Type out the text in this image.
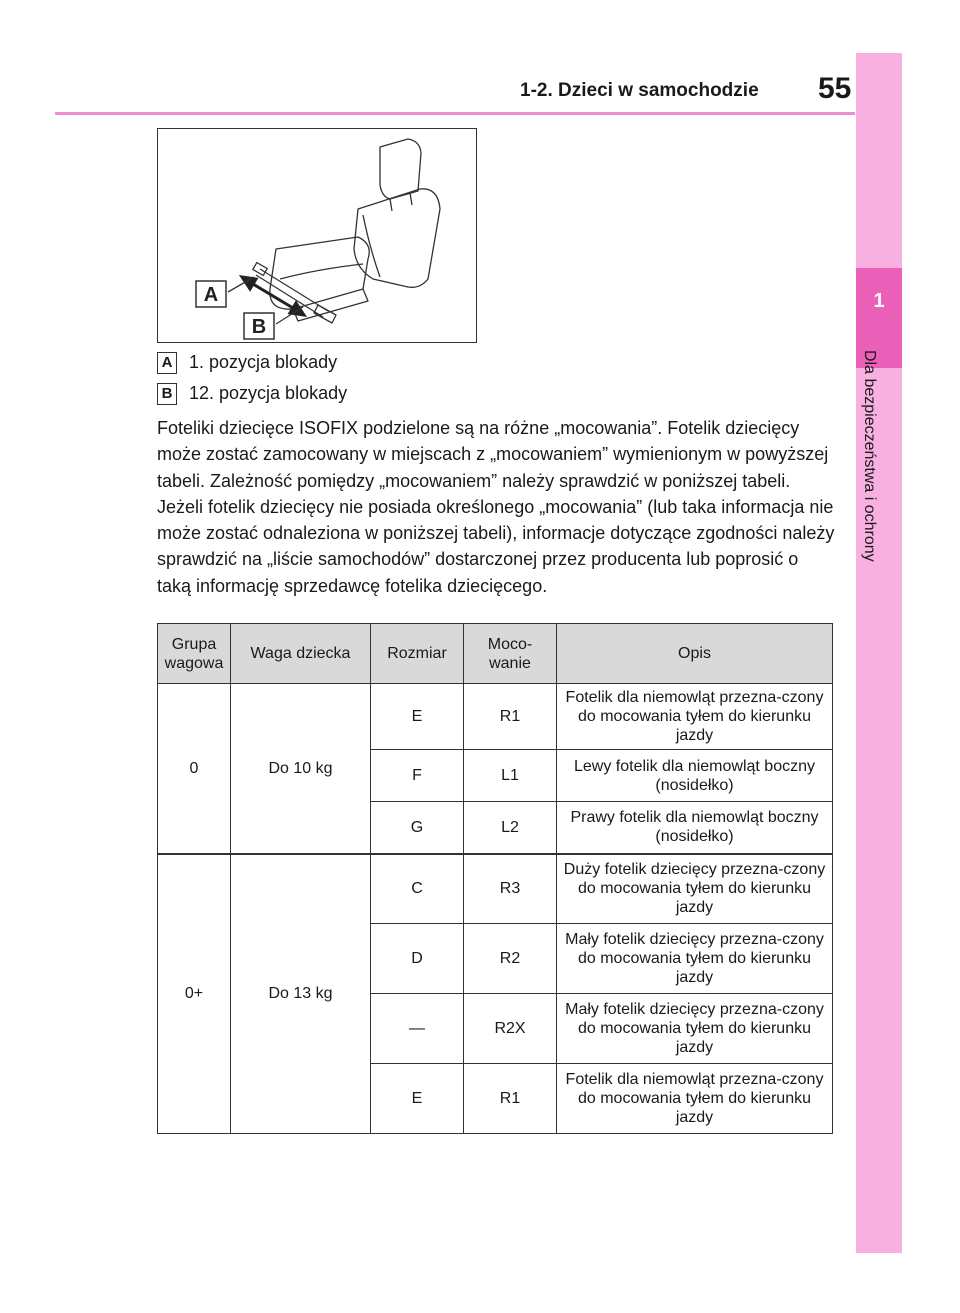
1
Dla bezpieczeństwa i ochrony
1-2. Dzieci w samochodzie 55
A
B
A 1. pozycja blokady
B 12. pozycja blokady

Foteliki dziecięce ISOFIX podzielone są na różne „mocowania”. Fotelik dziecięcy może zostać zamocowany w miejscach z „mocowaniem” wymienionym w powyższej tabeli. Zależność pomiędzy „mocowaniem” należy sprawdzić w poniższej tabeli. Jeżeli fotelik dziecięcy nie posiada określonego „mocowania” (lub taka informacja nie może zostać odnaleziona w poniższej tabeli), informacje dotyczące zgodności należy sprawdzić na „liście samochodów” dostarczonej przez producenta lub poprosić o taką informację sprzedawcę fotelika dziecięcego.

Grupa wagowa	Waga dziecka	Rozmiar	Moco-wanie	Opis
0	Do 10 kg	E	R1	Fotelik dla niemowląt przezna-czony do mocowania tyłem do kierunku jazdy
		F	L1	Lewy fotelik dla niemowląt boczny (nosidełko)
		G	L2	Prawy fotelik dla niemowląt boczny (nosidełko)
0+	Do 13 kg	C	R3	Duży fotelik dziecięcy przezna-czony do mocowania tyłem do kierunku jazdy
		D	R2	Mały fotelik dziecięcy przezna-czony do mocowania tyłem do kierunku jazdy
		—	R2X	Mały fotelik dziecięcy przezna-czony do mocowania tyłem do kierunku jazdy
		E	R1	Fotelik dla niemowląt przezna-czony do mocowania tyłem do kierunku jazdy
